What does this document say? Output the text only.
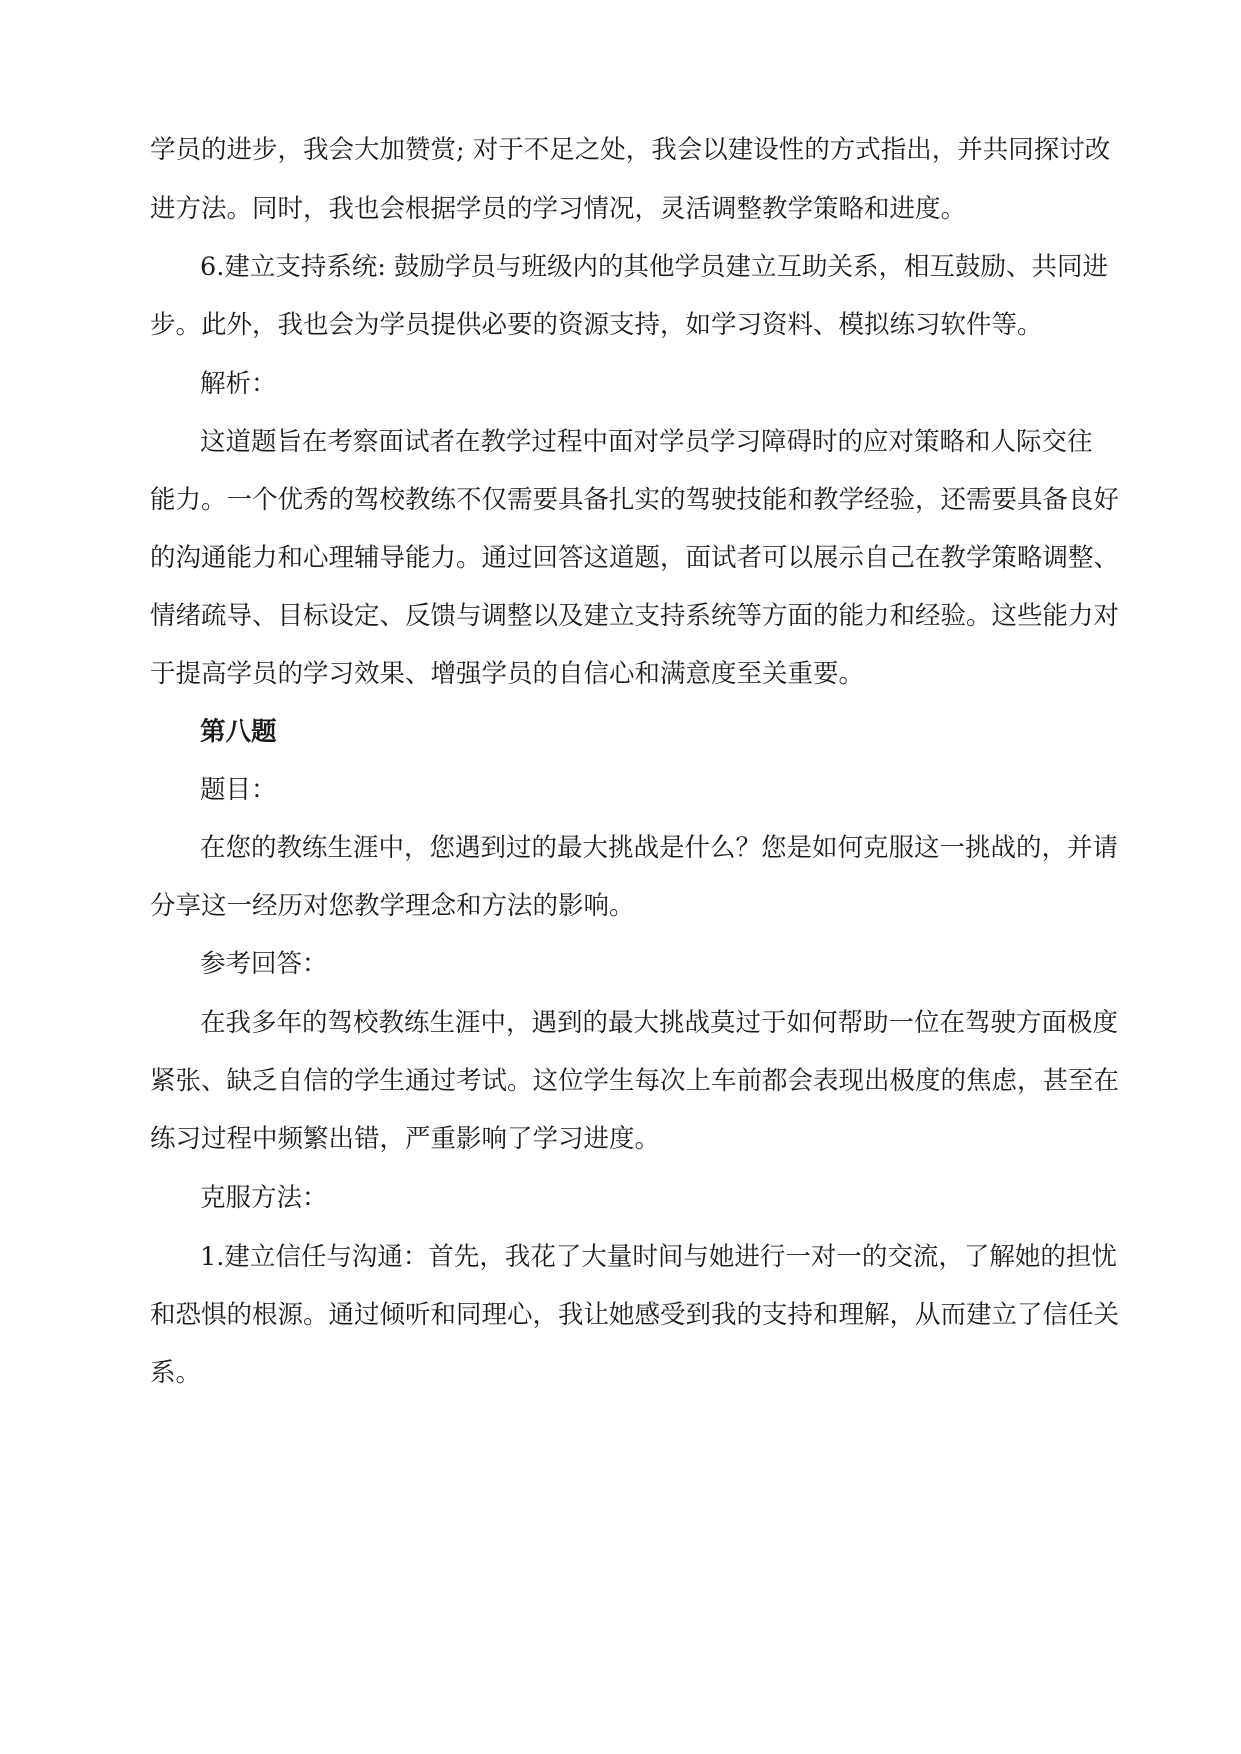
学员的进步，我会大加赞赏; 对于不足之处，我会以建设性的方式指出，并共同探讨改

进方法。同时，我也会根据学员的学习情况，灵活调整教学策略和进度。

6.建立支持系统: 鼓励学员与班级内的其他学员建立互助关系，相互鼓励、共同进

步。此外，我也会为学员提供必要的资源支持，如学习资料、模拟练习软件等。

解析：

这道题旨在考察面试者在教学过程中面对学员学习障碍时的应对策略和人际交往

能力。一个优秀的驾校教练不仅需要具备扎实的驾驶技能和教学经验，还需要具备良好

的沟通能力和心理辅导能力。通过回答这道题，面试者可以展示自己在教学策略调整、

情绪疏导、目标设定、反馈与调整以及建立支持系统等方面的能力和经验。这些能力对

于提高学员的学习效果、增强学员的自信心和满意度至关重要。

第八题

题目：

在您的教练生涯中，您遇到过的最大挑战是什么？您是如何克服这一挑战的，并请

分享这一经历对您教学理念和方法的影响。

参考回答：

在我多年的驾校教练生涯中，遇到的最大挑战莫过于如何帮助一位在驾驶方面极度

紧张、缺乏自信的学生通过考试。这位学生每次上车前都会表现出极度的焦虑，甚至在

练习过程中频繁出错，严重影响了学习进度。

克服方法：

1.建立信任与沟通：首先，我花了大量时间与她进行一对一的交流，了解她的担忧

和恐惧的根源。通过倾听和同理心，我让她感受到我的支持和理解，从而建立了信任关

系。
